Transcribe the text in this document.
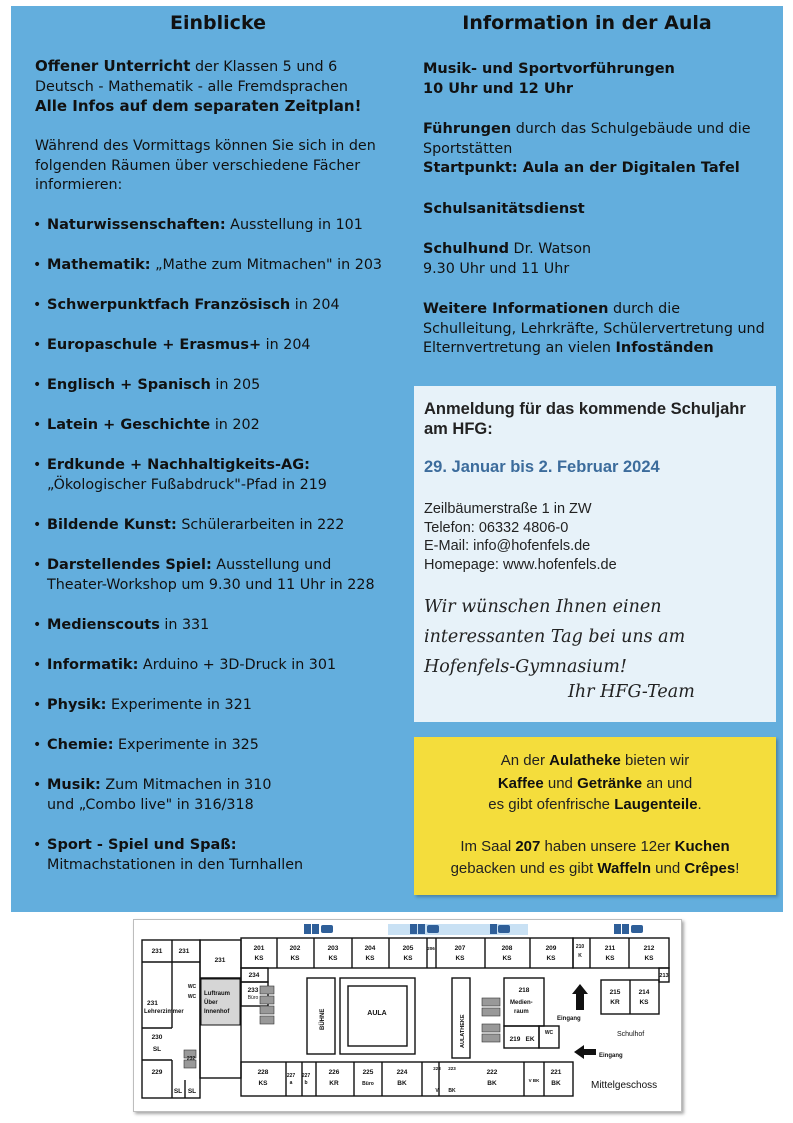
Einblicke
Offener Unterricht der Klassen 5 und 6
Deutsch - Mathematik - alle Fremdsprachen
Alle Infos auf dem separaten Zeitplan!
Während des Vormittags können Sie sich in den folgenden Räumen über verschiedene Fächer informieren:
• Naturwissenschaften: Ausstellung in 101
• Mathematik: „Mathe zum Mitmachen" in 203
• Schwerpunktfach Französisch in 204
• Europaschule + Erasmus+ in 204
• Englisch + Spanisch in 205
• Latein + Geschichte in 202
• Erdkunde + Nachhaltigkeits-AG:
„Ökologischer Fußabdruck"-Pfad in 219
• Bildende Kunst: Schülerarbeiten in 222
• Darstellendes Spiel: Ausstellung und
Theater-Workshop um 9.30 und 11 Uhr in 228
• Medienscouts in 331
• Informatik: Arduino + 3D-Druck in 301
• Physik: Experimente in 321
• Chemie: Experimente in 325
• Musik: Zum Mitmachen in 310
und „Combo live" in 316/318
• Sport - Spiel und Spaß:
Mitmachstationen in den Turnhallen
Information in der Aula
Musik- und Sportvorführungen
10 Uhr und 12 Uhr
Führungen durch das Schulgebäude und die
Sportstätten
Startpunkt: Aula an der Digitalen Tafel
Schulsanitätsdienst
Schulhund Dr. Watson
9.30 Uhr und 11 Uhr
Weitere Informationen durch die
Schulleitung, Lehrkräfte, Schülervertretung und
Elternvertretung an vielen Infoständen
Anmeldung für das kommende Schuljahr am HFG:
29. Januar bis 2. Februar 2024
Zeilbäumerstraße 1 in ZW
Telefon: 06332 4806-0
E-Mail: info@hofenfels.de
Homepage: www.hofenfels.de
Wir wünschen Ihnen einen interessanten Tag bei uns am Hofenfels-Gymnasium!
Ihr HFG-Team
An der Aulatheke bieten wir
Kaffee und Getränke an und
es gibt ofenfrische Laugenteile.
Im Saal 207 haben unsere 12er Kuchen
gebacken und es gibt Waffeln und Crêpes!
231 231
231
234
233
Büro
230
SL
229
SL SL
232
WC
WC
206	210
K
213
215
KR
214
KS
218
219 EK
WC
227
a
227
b
223 223
V BK
V BK
AULA
201
KS
202
KS
203
KS
204
KS
205
KS
207
KS
208
KS
209
KS
211
KS
212
KS
228
KS
226
KR
225
Büro
224
BK
222
BK
221
BK
231
Lehrerzimmer
Luftraum
Über
Innenhof
Medien-
raum
BÜHNE	AULATHEKE	Eingang
Eingang
Schulhof
Mittelgeschoss
